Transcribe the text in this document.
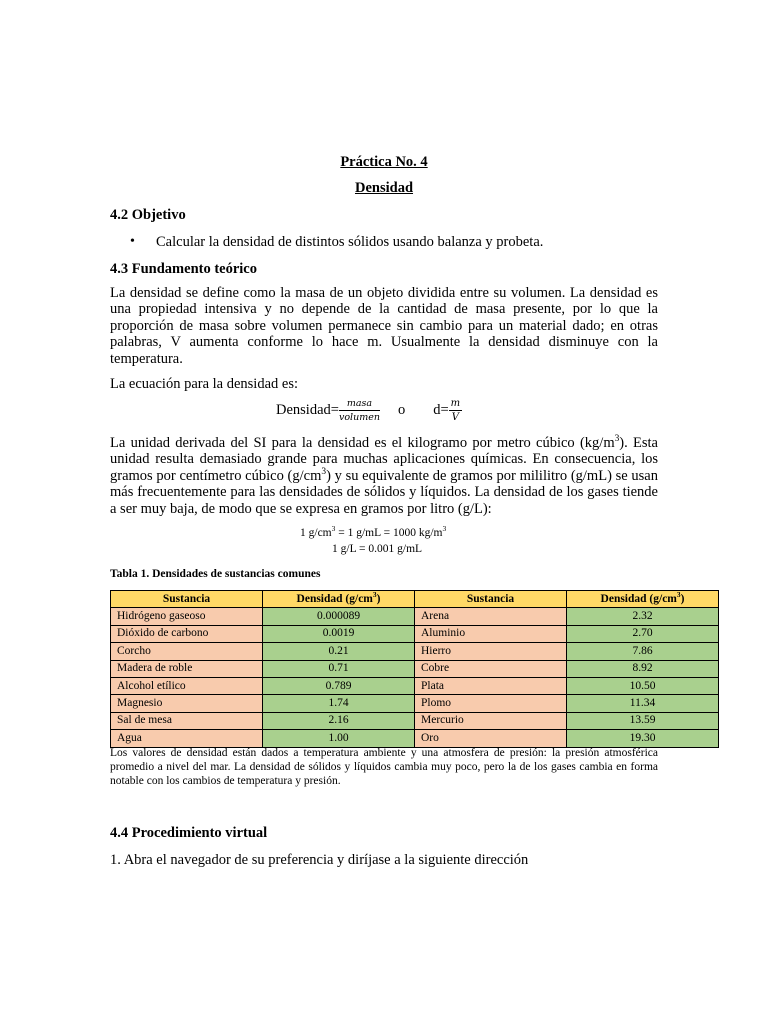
Práctica No. 4
Densidad
4.2 Objetivo
• Calcular la densidad de distintos sólidos usando balanza y probeta.
4.3 Fundamento teórico
La densidad se define como la masa de un objeto dividida entre su volumen. La densidad es una propiedad intensiva y no depende de la cantidad de masa presente, por lo que la proporción de masa sobre volumen permanece sin cambio para un material dado; en otras palabras, V aumenta conforme lo hace m. Usualmente la densidad disminuye con la temperatura.
La ecuación para la densidad es:
Densidad= $\frac{\text{masa}}{\text{volumen}}$ o $d= \frac{m}{V}$
La unidad derivada del SI para la densidad es el kilogramo por metro cúbico $(kg/m^3)$. Esta unidad resulta demasiado grande para muchas aplicaciones químicas. En consecuencia, los gramos por centímetro cúbico $(g/cm^3)$ y su equivalente de gramos por mililitro (g/mL) se usan más frecuentemente para las densidades de sólidos y líquidos. La densidad de los gases tiende a ser muy baja, de modo que se expresa en gramos por litro (g/L):
1 $g/cm^3 = 1$ g/mL = 1000 $kg/m^3$
1 g/L = 0.001 g/mL
Tabla 1. Densidades de sustancias comunes
Sustancia	Densidad $(g/cm^3)$	Sustancia	Densidad $(g/cm^3)$
Hidrógeno gaseoso	0.000089	Arena	2.32
Dióxido de carbono	0.0019	Aluminio	2.70
Corcho	0.21	Hierro	7.86
Madera de roble	0.71	Cobre	8.92
Alcohol etílico	0.789	Plata	10.50
Magnesio	1.74	Plomo	11.34
Sal de mesa	2.16	Mercurio	13.59
Agua	1.00	Oro	19.30
Los valores de densidad están dados a temperatura ambiente y una atmosfera de presión: la presión atmosférica promedio a nivel del mar. La densidad de sólidos y líquidos cambia muy poco, pero la de los gases cambia en forma notable con los cambios de temperatura y presión.
4.4 Procedimiento virtual
1. Abra el navegador de su preferencia y diríjase a la siguiente dirección
